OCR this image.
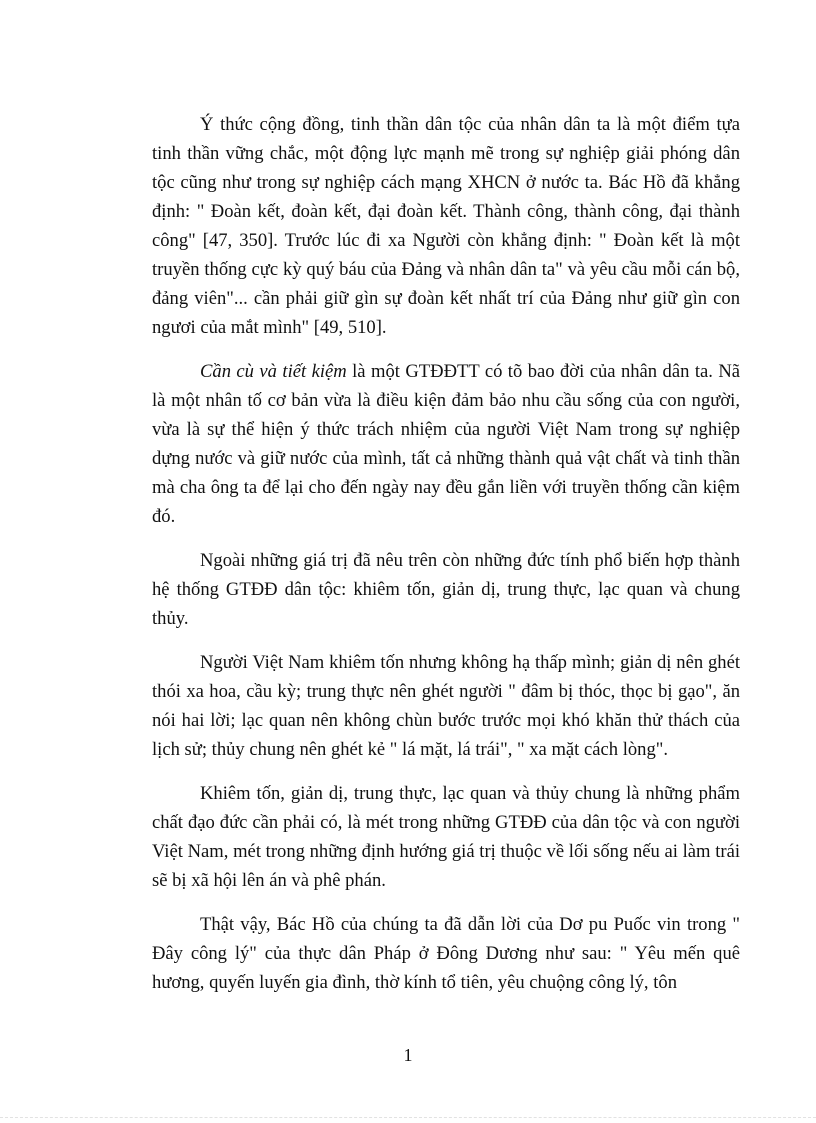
Ý thức cộng đồng, tinh thần dân tộc của nhân dân ta là một điểm tựa tinh thần vững chắc, một động lực mạnh mẽ trong sự nghiệp giải phóng dân tộc cũng như trong sự nghiệp cách mạng XHCN ở nước ta. Bác Hồ đã khẳng định: " Đoàn kết, đoàn kết, đại đoàn kết. Thành công, thành công, đại thành công" [47, 350]. Trước lúc đi xa Người còn khẳng định: " Đoàn kết là một truyền thống cực kỳ quý báu của Đảng và nhân dân ta" và yêu cầu mỗi cán bộ, đảng viên"... cần phải giữ gìn sự đoàn kết nhất trí của Đảng như giữ gìn con ngươi của mắt mình" [49, 510].

Cần cù và tiết kiệm là một GTĐĐTT có tõ bao đời của nhân dân ta. Nã là một nhân tố cơ bản vừa là điều kiện đảm bảo nhu cầu sống của con người, vừa là sự thể hiện ý thức trách nhiệm của người Việt Nam trong sự nghiệp dựng nước và giữ nước của mình, tất cả những thành quả vật chất và tinh thần mà cha ông ta để lại cho đến ngày nay đều gắn liền với truyền thống cần kiệm đó.

Ngoài những giá trị đã nêu trên còn những đức tính phổ biến hợp thành hệ thống GTĐĐ dân tộc: khiêm tốn, giản dị, trung thực, lạc quan và chung thủy.

Người Việt Nam khiêm tốn nhưng không hạ thấp mình; giản dị nên ghét thói xa hoa, cầu kỳ; trung thực nên ghét người " đâm bị thóc, thọc bị gạo", ăn nói hai lời; lạc quan nên không chùn bước trước mọi khó khăn thử thách của lịch sử; thủy chung nên ghét kẻ " lá mặt, lá trái", " xa mặt cách lòng".

Khiêm tốn, giản dị, trung thực, lạc quan và thủy chung là những phẩm chất đạo đức cần phải có, là mét trong những GTĐĐ của dân tộc và con người Việt Nam, mét trong những định hướng giá trị thuộc về lối sống nếu ai làm trái sẽ bị xã hội lên án và phê phán.

Thật vậy, Bác Hồ của chúng ta đã dẫn lời của Dơ pu Puốc vin trong " Đây công lý" của thực dân Pháp ở Đông Dương như sau: " Yêu mến quê hương, quyến luyến gia đình, thờ kính tổ tiên, yêu chuộng công lý, tôn

1
